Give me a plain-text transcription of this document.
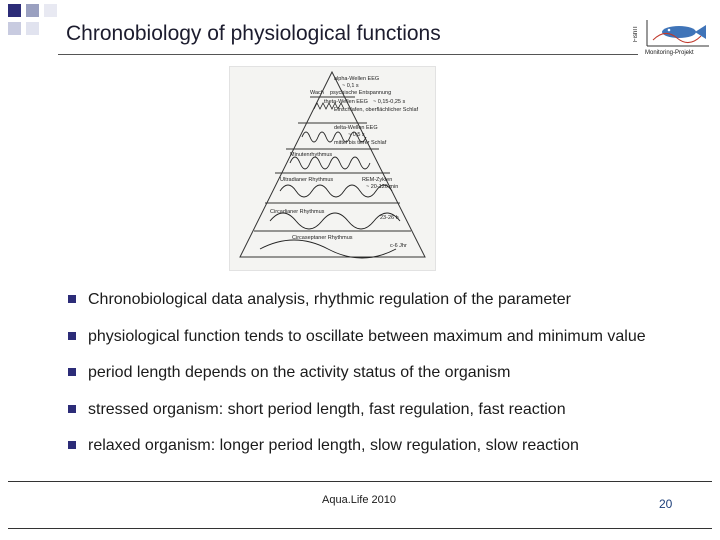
Chronobiology of physiological functions	FishIT
Monitoring-Projekt
alpha-Wellen EEG
~ 0,1 s
Wach psychische Entspannung
theta-Wellen EEG ~ 0,15-0,25 s
Einschlafen, oberflächlicher Schlaf
delta-Wellen EEG
~ 0,5 s
mittel bis tiefer Schlaf
Minutenrhythmus
Ultradianer Rhythmus	REM-Zyklen
~ 20-120 min
Circadianer Rhythmus
23-26 h
Circaseptaner Rhythmus
c-6 Jhr
Chronobiological data analysis, rhythmic regulation of the parameter
physiological function tends to oscillate between maximum and minimum value
period length depends on the activity status of the organism
stressed organism: short period length, fast regulation, fast reaction
relaxed organism: longer period length, slow regulation, slow reaction
Aqua.Life 2010	20
